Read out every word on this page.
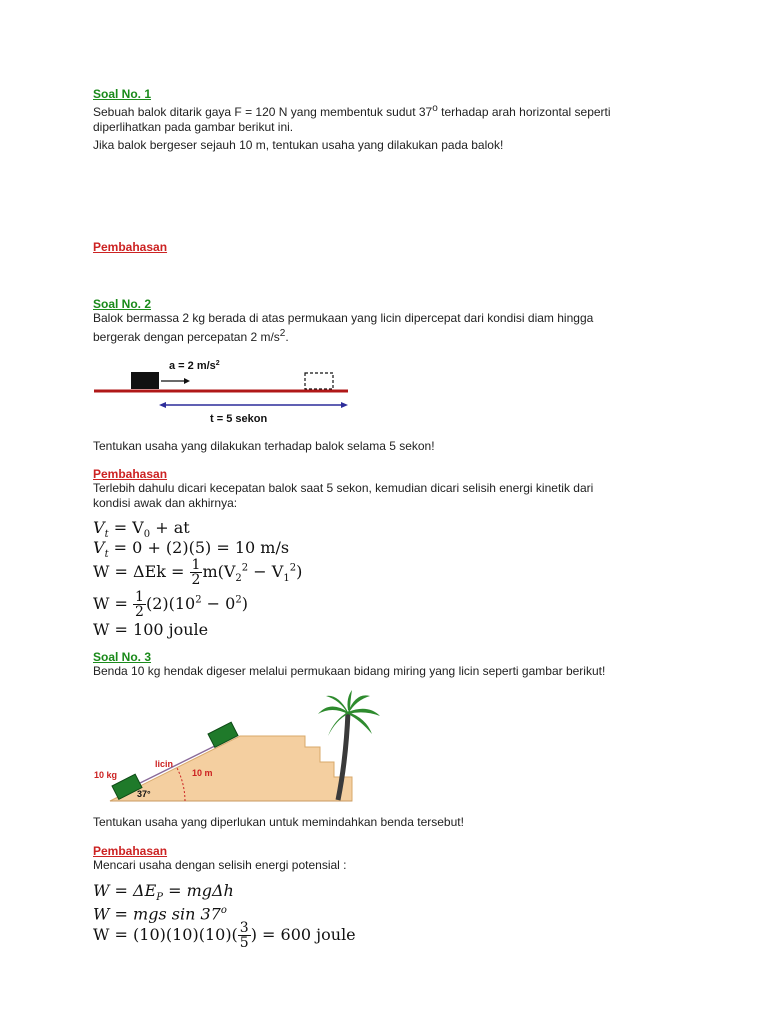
Soal No. 1
Sebuah balok ditarik gaya F = 120 N yang membentuk sudut 37$^o$ terhadap arah horizontal seperti
diperlihatkan pada gambar berikut ini.
Jika balok bergeser sejauh 10 m, tentukan usaha yang dilakukan pada balok!
Pembahasan
Soal No. 2
Balok bermassa 2 kg berada di atas permukaan yang licin dipercepat dari kondisi diam hingga
bergerak dengan percepatan 2 $m/s^2$.
a = 2 $m/s^2$
t = 5 sekon
Tentukan usaha yang dilakukan terhadap balok selama 5 sekon!
Pembahasan
Terlebih dahulu dicari kecepatan balok saat 5 sekon, kemudian dicari selisih energi kinetik dari
kondisi awak dan akhirnya:
$V_t = V_0$ + at
$V_t = 0 + (2)(5) = 10$ m/s
$W = \Delta Ek = \frac{1}{2} m(V_2^2 - V_1^2)$
$W = \frac{1}{2} (2)(10^2 - 0^2)$
W = 100 joule
Soal No. 3
Benda 10 kg hendak digeser melalui permukaan bidang miring yang licin seperti gambar berikut!
10 kg
licin
10 m
37°
Tentukan usaha yang diperlukan untuk memindahkan benda tersebut!
Pembahasan
Mencari usaha dengan selisih energi potensial :
$W = \Delta E_P = mg\Delta h$
W = mgs sin 37$^o$
$W = (10)(10)(10)( \frac{3}{5}$ ) = 600 joule
